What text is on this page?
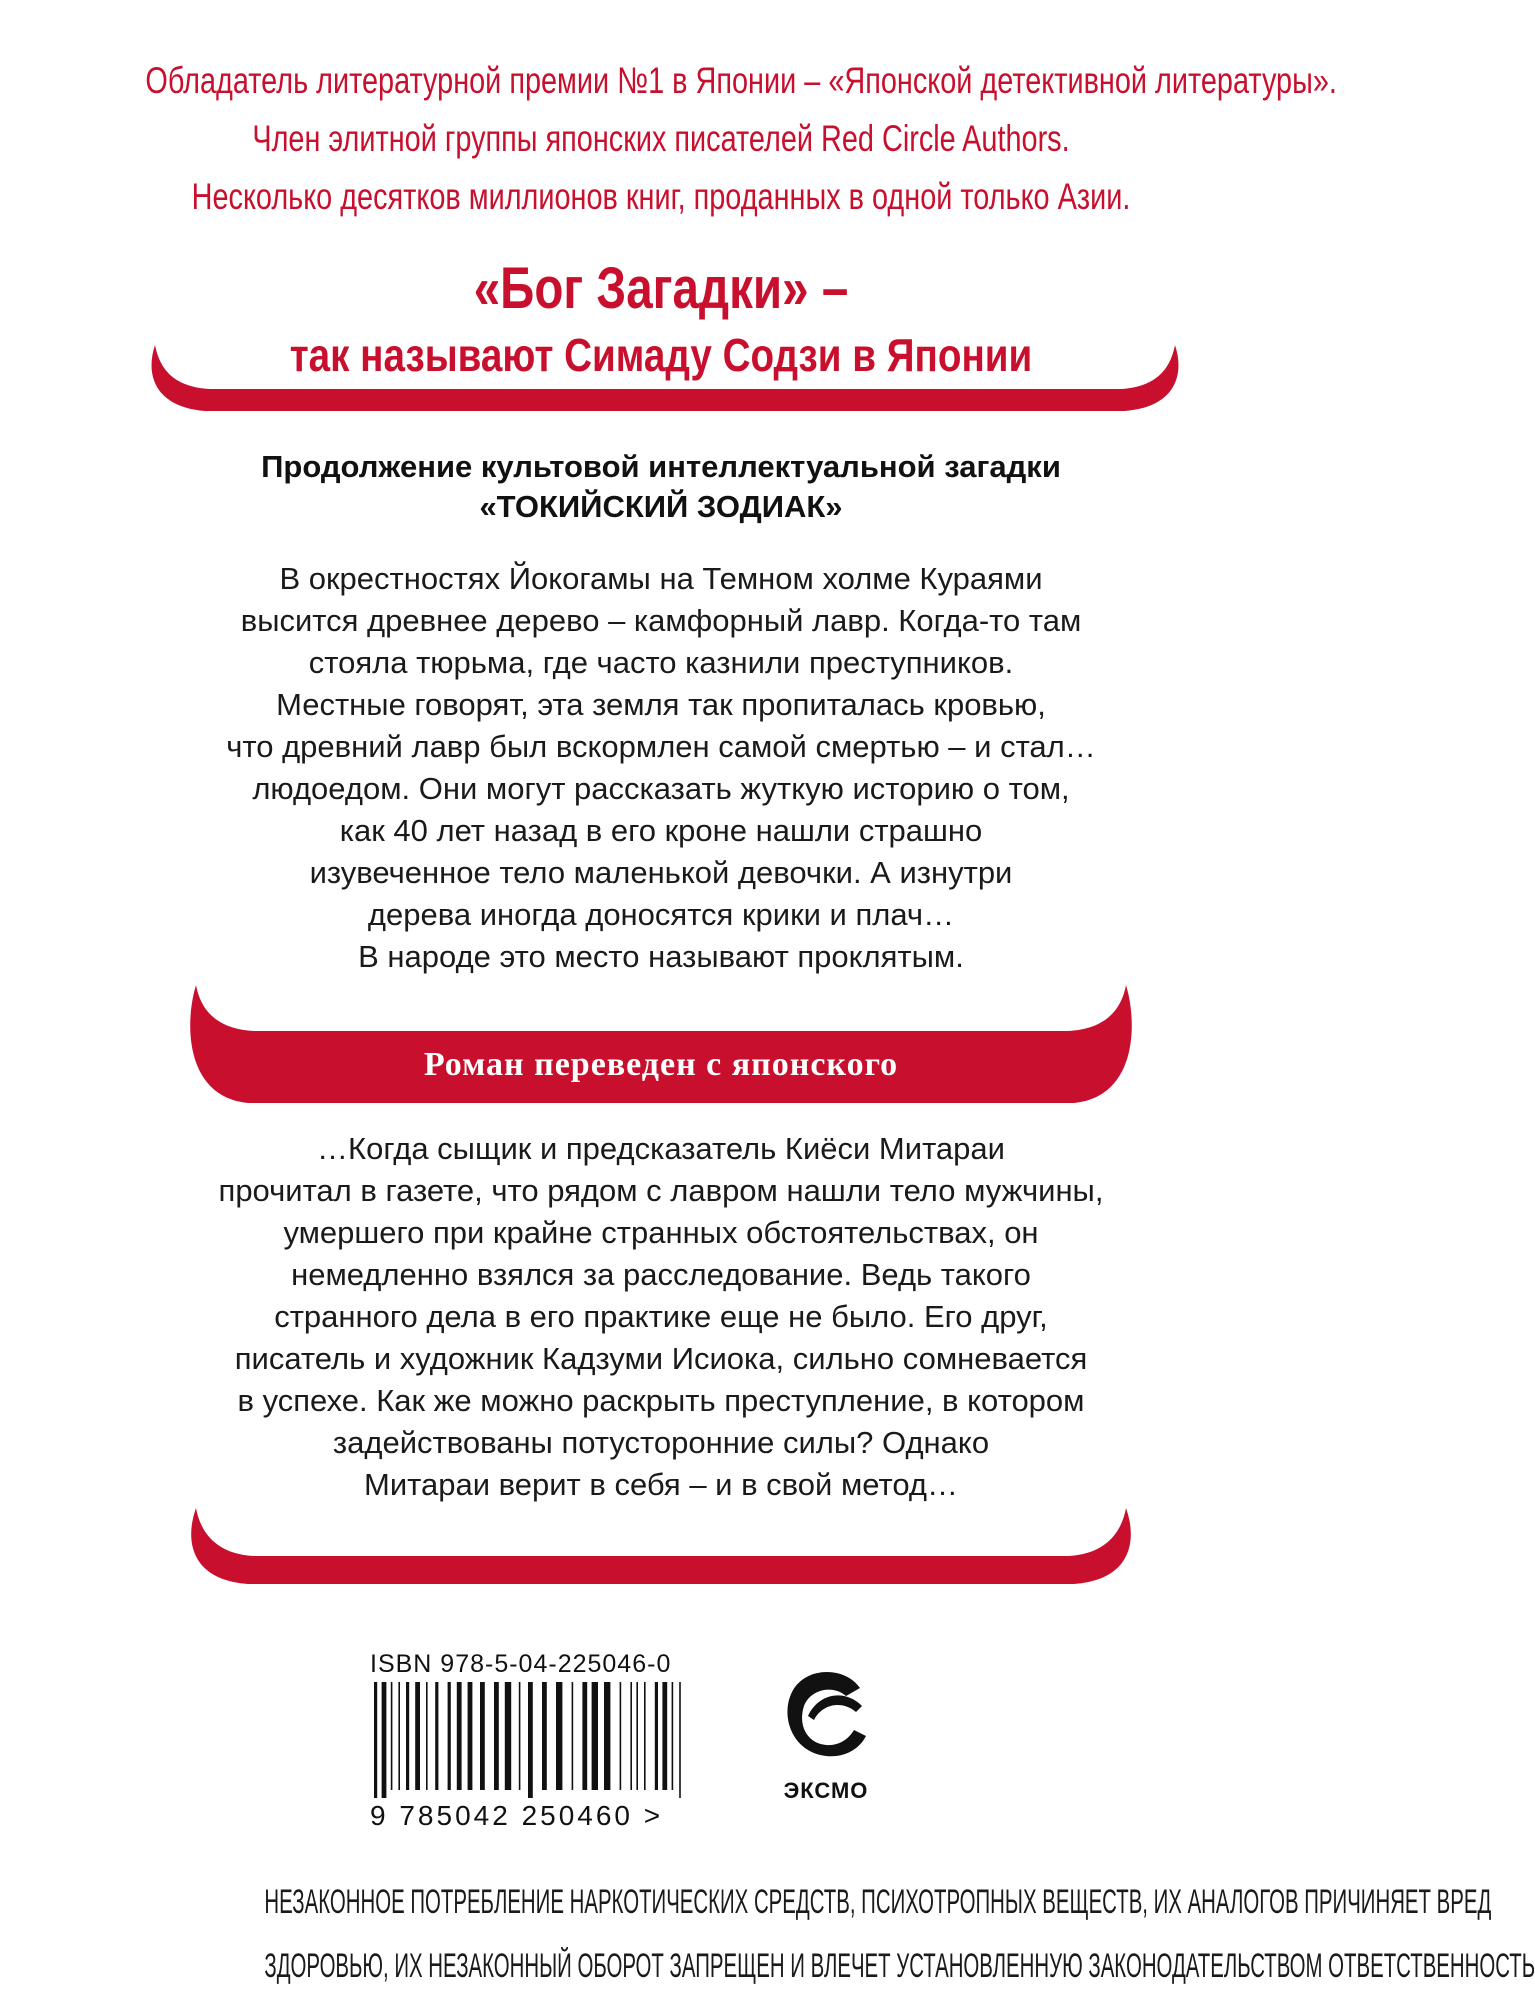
Обладатель литературной премии №1 в Японии – «Японской детективной литературы».
Член элитной группы японских писателей Red Circle Authors.
Несколько десятков миллионов книг, проданных в одной только Азии.
«Бог Загадки» –
так называют Симаду Содзи в Японии
Продолжение культовой интеллектуальной загадки
«ТОКИЙСКИЙ ЗОДИАК»
В окрестностях Йокогамы на Темном холме Кураями
высится древнее дерево – камфорный лавр. Когда-то там
стояла тюрьма, где часто казнили преступников.
Местные говорят, эта земля так пропиталась кровью,
что древний лавр был вскормлен самой смертью – и стал…
людоедом. Они могут рассказать жуткую историю о том,
как 40 лет назад в его кроне нашли страшно
изувеченное тело маленькой девочки. А изнутри
дерева иногда доносятся крики и плач…
В народе это место называют проклятым.
Роман переведен с японского
…Когда сыщик и предсказатель Киёси Митараи
прочитал в газете, что рядом с лавром нашли тело мужчины,
умершего при крайне странных обстоятельствах, он
немедленно взялся за расследование. Ведь такого
странного дела в его практике еще не было. Его друг,
писатель и художник Кадзуми Исиока, сильно сомневается
в успехе. Как же можно раскрыть преступление, в котором
задействованы потусторонние силы? Однако
Митараи верит в себя – и в свой метод…
ISBN 978-5-04-225046-0
9 785042 250460 >
ЭКСМО
НЕЗАКОННОЕ ПОТРЕБЛЕНИЕ НАРКОТИЧЕСКИХ СРЕДСТВ, ПСИХОТРОПНЫХ ВЕЩЕСТВ, ИХ АНАЛОГОВ ПРИЧИНЯЕТ ВРЕД
ЗДОРОВЬЮ, ИХ НЕЗАКОННЫЙ ОБОРОТ ЗАПРЕЩЕН И ВЛЕЧЕТ УСТАНОВЛЕННУЮ ЗАКОНОДАТЕЛЬСТВОМ ОТВЕТСТВЕННОСТЬ
